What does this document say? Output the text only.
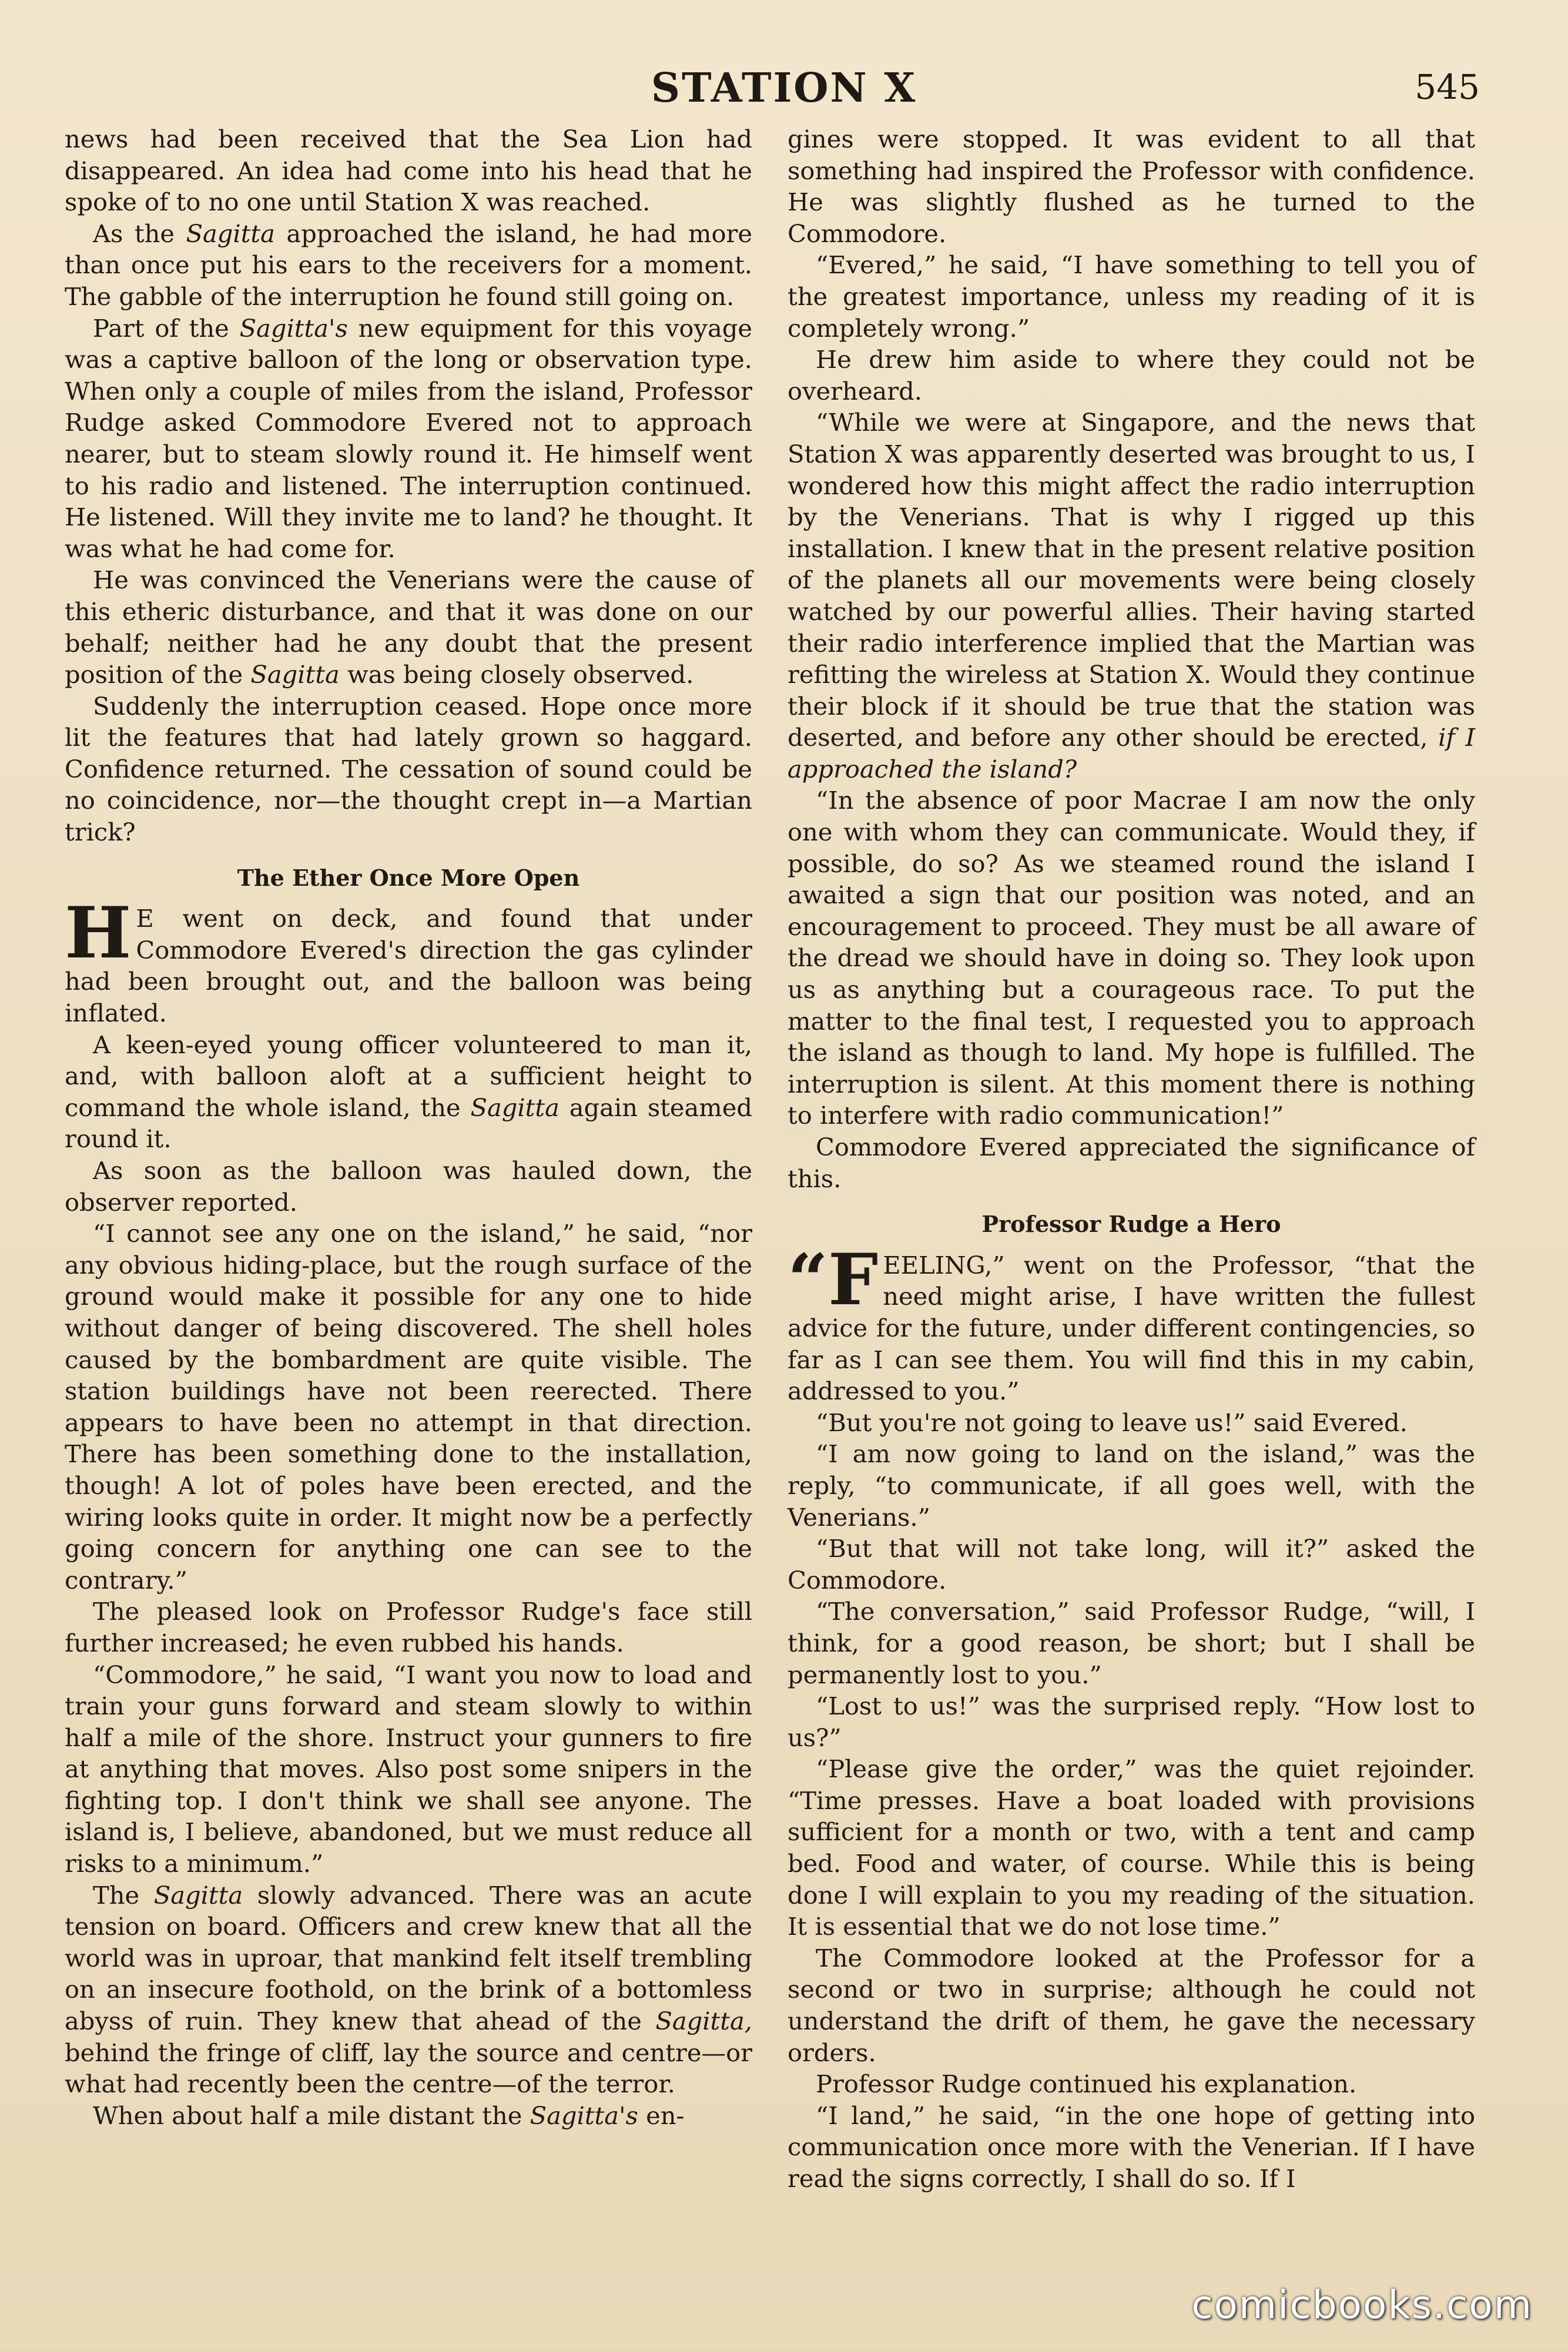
STATION X	545

news had been received that the Sea Lion had disappeared. An idea had come into his head that he spoke of to no one until Station X was reached.

As the Sagitta approached the island, he had more than once put his ears to the receivers for a moment. The gabble of the interruption he found still going on.

Part of the Sagitta's new equipment for this voyage was a captive balloon of the long or observation type. When only a couple of miles from the island, Professor Rudge asked Commodore Evered not to approach nearer, but to steam slowly round it. He himself went to his radio and listened. The interruption continued. He listened. Will they invite me to land? he thought. It was what he had come for.

He was convinced the Venerians were the cause of this etheric disturbance, and that it was done on our behalf; neither had he any doubt that the present position of the Sagitta was being closely observed.

Suddenly the interruption ceased. Hope once more lit the features that had lately grown so haggard. Confidence returned. The cessation of sound could be no coincidence, nor—the thought crept in—a Martian trick?

The Ether Once More Open

H E went on deck, and found that under Commodore Evered's direction the gas cylinder had been brought out, and the balloon was being inflated.

A keen-eyed young officer volunteered to man it, and, with balloon aloft at a sufficient height to command the whole island, the Sagitta again steamed round it.

As soon as the balloon was hauled down, the observer reported.

“I cannot see any one on the island,” he said, “nor any obvious hiding-place, but the rough surface of the ground would make it possible for any one to hide without danger of being discovered. The shell holes caused by the bombardment are quite visible. The station buildings have not been reerected. There appears to have been no attempt in that direction. There has been something done to the installation, though! A lot of poles have been erected, and the wiring looks quite in order. It might now be a perfectly going concern for anything one can see to the contrary.”

The pleased look on Professor Rudge's face still further increased; he even rubbed his hands.

“Commodore,” he said, “I want you now to load and train your guns forward and steam slowly to within half a mile of the shore. Instruct your gunners to fire at anything that moves. Also post some snipers in the fighting top. I don't think we shall see anyone. The island is, I believe, abandoned, but we must reduce all risks to a minimum.”

The Sagitta slowly advanced. There was an acute tension on board. Officers and crew knew that all the world was in uproar, that mankind felt itself trembling on an insecure foothold, on the brink of a bottomless abyss of ruin. They knew that ahead of the Sagitta, behind the fringe of cliff, lay the source and centre—or what had recently been the centre—of the terror.

When about half a mile distant the Sagitta's en-

gines were stopped. It was evident to all that something had inspired the Professor with confidence. He was slightly flushed as he turned to the Commodore.

“Evered,” he said, “I have something to tell you of the greatest importance, unless my reading of it is completely wrong.”

He drew him aside to where they could not be overheard.

“While we were at Singapore, and the news that Station X was apparently deserted was brought to us, I wondered how this might affect the radio interruption by the Venerians. That is why I rigged up this installation. I knew that in the present relative position of the planets all our movements were being closely watched by our powerful allies. Their having started their radio interference implied that the Martian was refitting the wireless at Station X. Would they continue their block if it should be true that the station was deserted, and before any other should be erected, if I approached the island?

“In the absence of poor Macrae I am now the only one with whom they can communicate. Would they, if possible, do so? As we steamed round the island I awaited a sign that our position was noted, and an encouragement to proceed. They must be all aware of the dread we should have in doing so. They look upon us as anything but a courageous race. To put the matter to the final test, I requested you to approach the island as though to land. My hope is fulfilled. The interruption is silent. At this moment there is nothing to interfere with radio communication!”

Commodore Evered appreciated the significance of this.

Professor Rudge a Hero

“FEELING,” went on the Professor, “that the need might arise, I have written the fullest advice for the future, under different contingencies, so far as I can see them. You will find this in my cabin, addressed to you.”

“But you're not going to leave us!” said Evered.

“I am now going to land on the island,” was the reply, “to communicate, if all goes well, with the Venerians.”

“But that will not take long, will it?” asked the Commodore.

“The conversation,” said Professor Rudge, “will, I think, for a good reason, be short; but I shall be permanently lost to you.”

“Lost to us!” was the surprised reply. “How lost to us?”

“Please give the order,” was the quiet rejoinder. “Time presses. Have a boat loaded with provisions sufficient for a month or two, with a tent and camp bed. Food and water, of course. While this is being done I will explain to you my reading of the situation. It is essential that we do not lose time.”

The Commodore looked at the Professor for a second or two in surprise; although he could not understand the drift of them, he gave the necessary orders.

Professor Rudge continued his explanation.

“I land,” he said, “in the one hope of getting into communication once more with the Venerian. If I have read the signs correctly, I shall do so. If I

comicbooks.com
